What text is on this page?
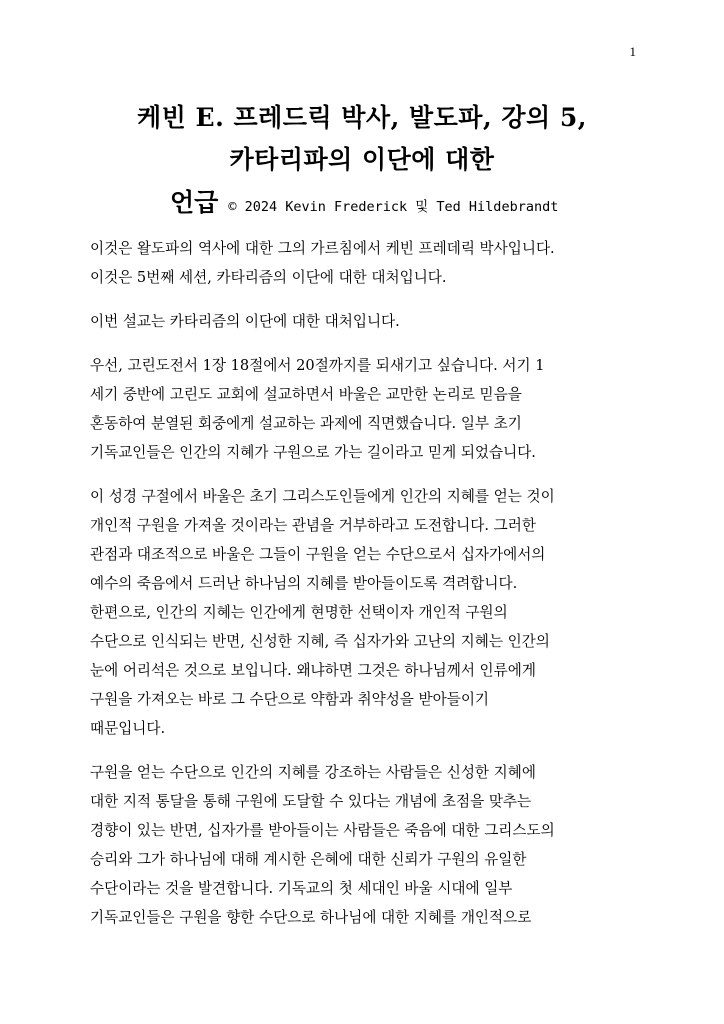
1
케빈 E. 프레드릭 박사, 발도파, 강의 5,
카타리파의 이단에 대한
언급 © 2024 Kevin Frederick 및 Ted Hildebrandt

이것은 왈도파의 역사에 대한 그의 가르침에서 케빈 프레데릭 박사입니다.
이것은 5번째 세션, 카타리즘의 이단에 대한 대처입니다.

이번 설교는 카타리즘의 이단에 대한 대처입니다.

우선, 고린도전서 1장 18절에서 20절까지를 되새기고 싶습니다. 서기 1
세기 중반에 고린도 교회에 설교하면서 바울은 교만한 논리로 믿음을
혼동하여 분열된 회중에게 설교하는 과제에 직면했습니다. 일부 초기
기독교인들은 인간의 지혜가 구원으로 가는 길이라고 믿게 되었습니다.

이 성경 구절에서 바울은 초기 그리스도인들에게 인간의 지혜를 얻는 것이
개인적 구원을 가져올 것이라는 관념을 거부하라고 도전합니다. 그러한
관점과 대조적으로 바울은 그들이 구원을 얻는 수단으로서 십자가에서의
예수의 죽음에서 드러난 하나님의 지혜를 받아들이도록 격려합니다.
한편으로, 인간의 지혜는 인간에게 현명한 선택이자 개인적 구원의
수단으로 인식되는 반면, 신성한 지혜, 즉 십자가와 고난의 지혜는 인간의
눈에 어리석은 것으로 보입니다. 왜냐하면 그것은 하나님께서 인류에게
구원을 가져오는 바로 그 수단으로 약함과 취약성을 받아들이기
때문입니다.

구원을 얻는 수단으로 인간의 지혜를 강조하는 사람들은 신성한 지혜에
대한 지적 통달을 통해 구원에 도달할 수 있다는 개념에 초점을 맞추는
경향이 있는 반면, 십자가를 받아들이는 사람들은 죽음에 대한 그리스도의
승리와 그가 하나님에 대해 계시한 은혜에 대한 신뢰가 구원의 유일한
수단이라는 것을 발견합니다. 기독교의 첫 세대인 바울 시대에 일부
기독교인들은 구원을 향한 수단으로 하나님에 대한 지혜를 개인적으로
